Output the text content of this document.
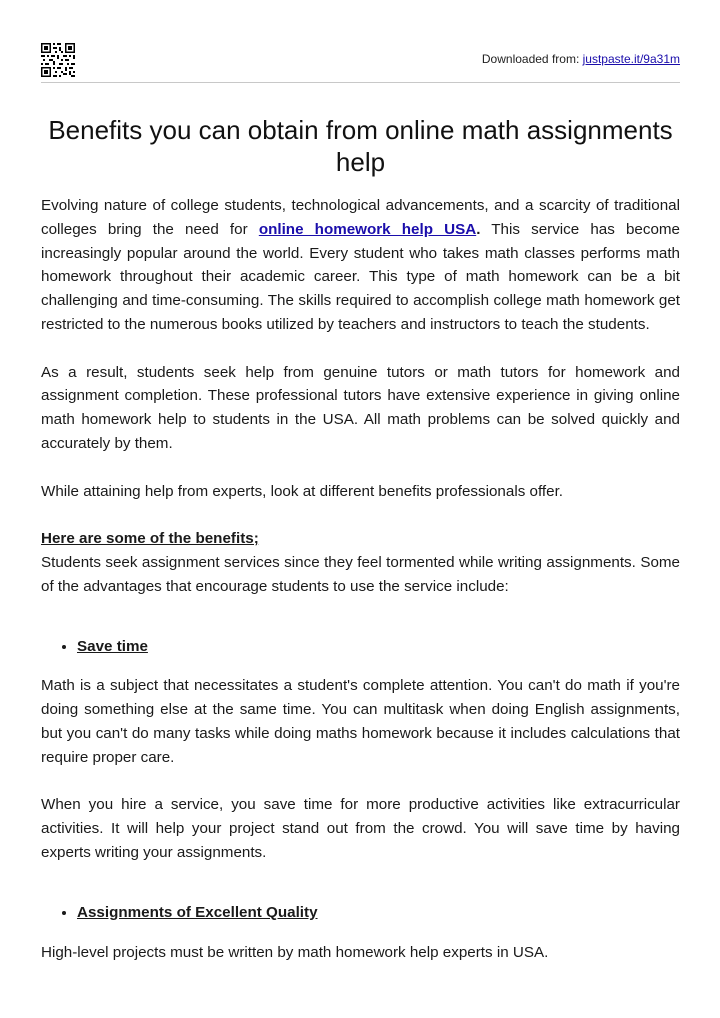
Downloaded from: justpaste.it/9a31m
Benefits you can obtain from online math assignments help

Evolving nature of college students, technological advancements, and a scarcity of traditional colleges bring the need for online homework help USA. This service has become increasingly popular around the world. Every student who takes math classes performs math homework throughout their academic career. This type of math homework can be a bit challenging and time-consuming. The skills required to accomplish college math homework get restricted to the numerous books utilized by teachers and instructors to teach the students.

As a result, students seek help from genuine tutors or math tutors for homework and assignment completion. These professional tutors have extensive experience in giving online math homework help to students in the USA. All math problems can be solved quickly and accurately by them.

While attaining help from experts, look at different benefits professionals offer.

Here are some of the benefits;

Students seek assignment services since they feel tormented while writing assignments. Some of the advantages that encourage students to use the service include:

• Save time

Math is a subject that necessitates a student's complete attention. You can't do math if you're doing something else at the same time. You can multitask when doing English assignments, but you can't do many tasks while doing maths homework because it includes calculations that require proper care.

When you hire a service, you save time for more productive activities like extracurricular activities. It will help your project stand out from the crowd. You will save time by having experts writing your assignments.

• Assignments of Excellent Quality

High-level projects must be written by math homework help experts in USA.
